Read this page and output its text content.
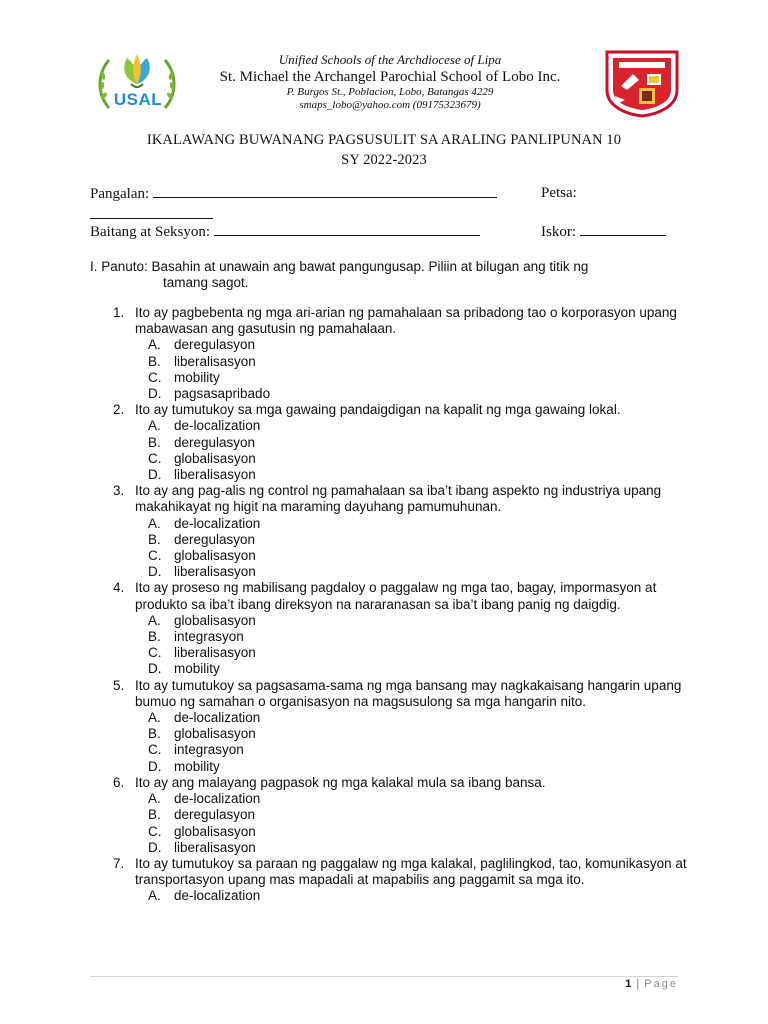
USAL
Unified Schools of the Archdiocese of Lipa
St. Michael the Archangel Parochial School of Lobo Inc.
P. Burgos St., Poblacion, Lobo, Batangas 4229
smaps_lobo@yahoo.com (09175323679)
IKALAWANG BUWANANG PAGSUSULIT SA ARALING PANLIPUNAN 10
SY 2022-2023
Pangalan:	Petsa:
Baitang at Seksyon:	Iskor:
I. Panuto: Basahin at unawain ang bawat pangungusap. Piliin at bilugan ang titik ng
tamang sagot.
1. Ito ay pagbebenta ng mga ari-arian ng pamahalaan sa pribadong tao o korporasyon upang mabawasan ang gasutusin ng pamahalaan.
A. deregulasyon
B. liberalisasyon
C. mobility
D. pagsasapribado
2. Ito ay tumutukoy sa mga gawaing pandaigdigan na kapalit ng mga gawaing lokal.
A. de-localization
B. deregulasyon
C. globalisasyon
D. liberalisasyon
3. Ito ay ang pag-alis ng control ng pamahalaan sa iba’t ibang aspekto ng industriya upang makahikayat ng higit na maraming dayuhang pamumuhunan.
A. de-localization
B. deregulasyon
C. globalisasyon
D. liberalisasyon
4. Ito ay proseso ng mabilisang pagdaloy o paggalaw ng mga tao, bagay, impormasyon at produkto sa iba’t ibang direksyon na nararanasan sa iba’t ibang panig ng daigdig.
A. globalisasyon
B. integrasyon
C. liberalisasyon
D. mobility
5. Ito ay tumutukoy sa pagsasama-sama ng mga bansang may nagkakaisang hangarin upang bumuo ng samahan o organisasyon na magsusulong sa mga hangarin nito.
A. de-localization
B. globalisasyon
C. integrasyon
D. mobility
6. Ito ay ang malayang pagpasok ng mga kalakal mula sa ibang bansa.
A. de-localization
B. deregulasyon
C. globalisasyon
D. liberalisasyon
7. Ito ay tumutukoy sa paraan ng paggalaw ng mga kalakal, paglilingkod, tao, komunikasyon at transportasyon upang mas mapadali at mapabilis ang paggamit sa mga ito.
A. de-localization
1 | Page
